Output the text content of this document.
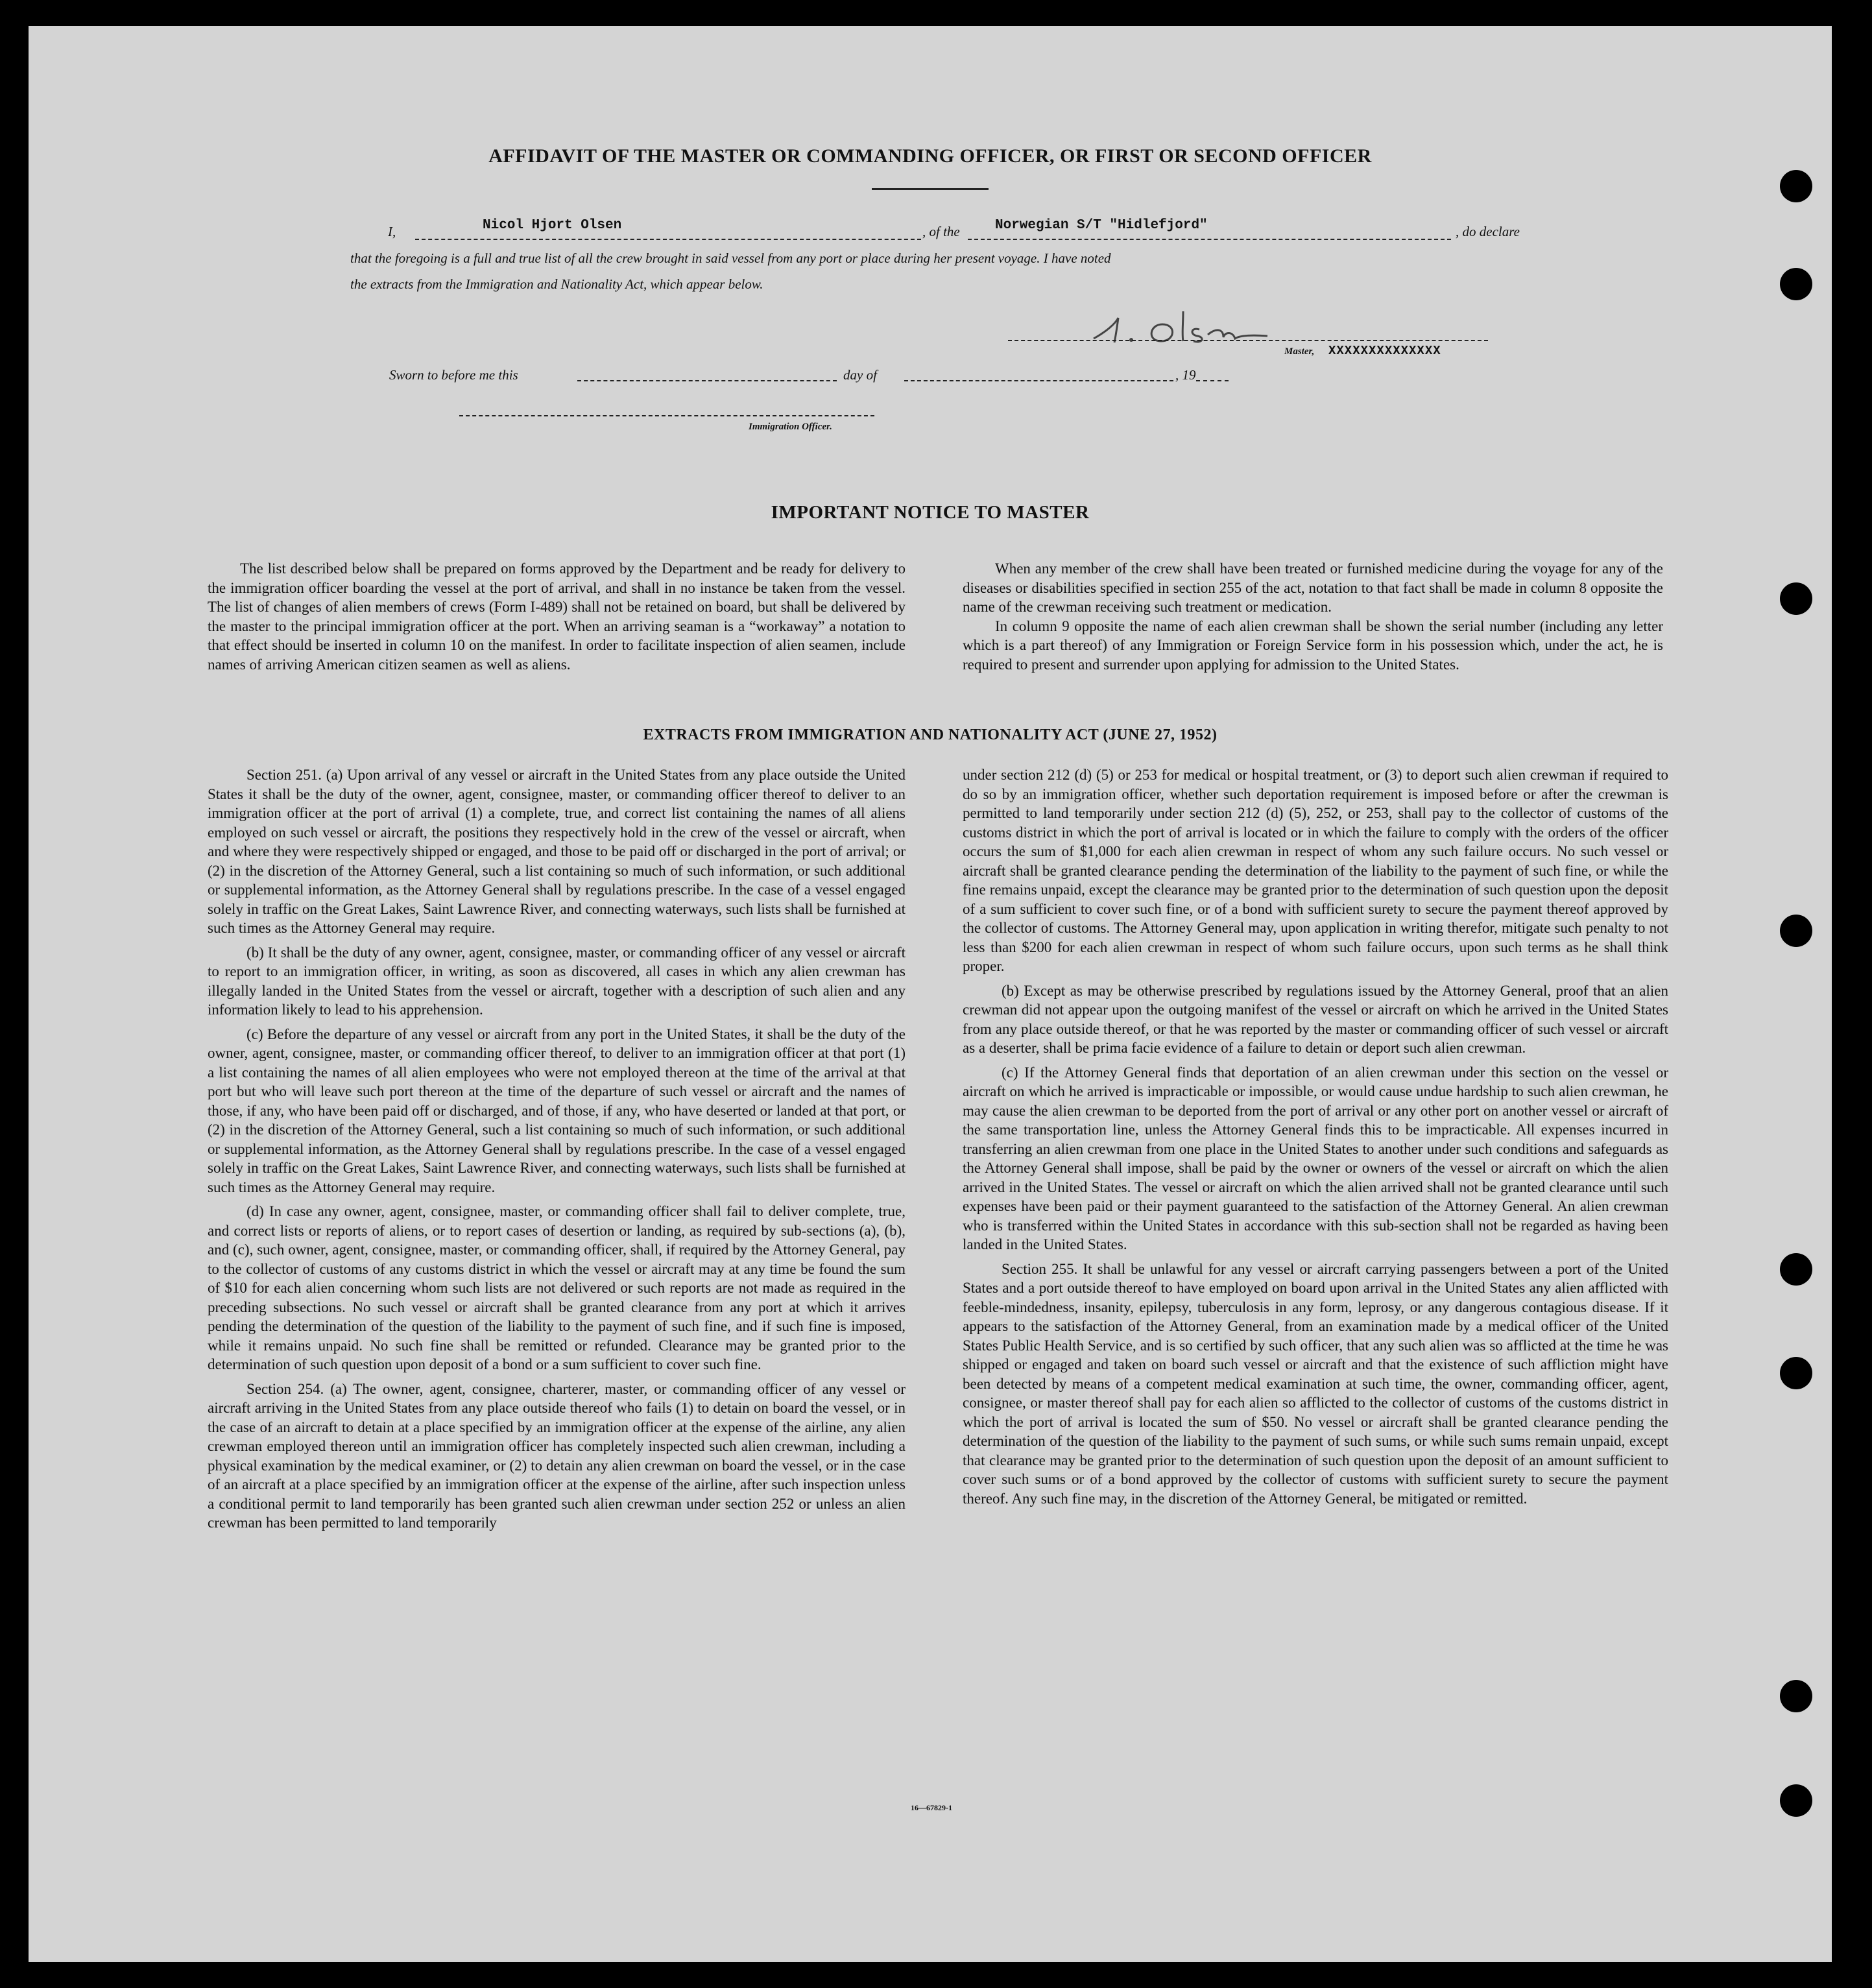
AFFIDAVIT OF THE MASTER OR COMMANDING OFFICER, OR FIRST OR SECOND OFFICER
I,	Nicol Hjort Olsen	, of the	Norwegian S/T "Hidlefjord"	, do declare
that the foregoing is a full and true list of all the crew brought in said vessel from any port or place during her present voyage. I have noted
the extracts from the Immigration and Nationality Act, which appear below.
Master, XXXXXXXXXXXXXX
Sworn to before me this	day of	, 19
Immigration Officer.
IMPORTANT NOTICE TO MASTER

The list described below shall be prepared on forms approved by the Department and be ready for delivery to the immigration officer boarding the vessel at the port of arrival, and shall in no instance be taken from the vessel. The list of changes of alien members of crews (Form I-489) shall not be retained on board, but shall be delivered by the master to the principal immigration officer at the port. When an arriving seaman is a “workaway” a notation to that effect should be inserted in column 10 on the manifest. In order to facilitate inspection of alien seamen, include names of arriving American citizen seamen as well as aliens.

When any member of the crew shall have been treated or furnished medicine during the voyage for any of the diseases or disabilities specified in section 255 of the act, notation to that fact shall be made in column 8 opposite the name of the crewman receiving such treatment or medication.

In column 9 opposite the name of each alien crewman shall be shown the serial number (including any letter which is a part thereof) of any Immigration or Foreign Service form in his possession which, under the act, he is required to present and surrender upon applying for admission to the United States.

EXTRACTS FROM IMMIGRATION AND NATIONALITY ACT (JUNE 27, 1952)

Section 251. (a) Upon arrival of any vessel or aircraft in the United States from any place outside the United States it shall be the duty of the owner, agent, consignee, master, or commanding officer thereof to deliver to an immigration officer at the port of arrival (1) a complete, true, and correct list containing the names of all aliens employed on such vessel or aircraft, the positions they respectively hold in the crew of the vessel or aircraft, when and where they were respectively shipped or engaged, and those to be paid off or discharged in the port of arrival; or (2) in the discretion of the Attorney General, such a list containing so much of such information, or such additional or supplemental information, as the Attorney General shall by regulations prescribe. In the case of a vessel engaged solely in traffic on the Great Lakes, Saint Lawrence River, and connecting waterways, such lists shall be furnished at such times as the Attorney General may require.

(b) It shall be the duty of any owner, agent, consignee, master, or commanding officer of any vessel or aircraft to report to an immigration officer, in writing, as soon as discovered, all cases in which any alien crewman has illegally landed in the United States from the vessel or aircraft, together with a description of such alien and any information likely to lead to his apprehension.

(c) Before the departure of any vessel or aircraft from any port in the United States, it shall be the duty of the owner, agent, consignee, master, or commanding officer thereof, to deliver to an immigration officer at that port (1) a list containing the names of all alien employees who were not employed thereon at the time of the arrival at that port but who will leave such port thereon at the time of the departure of such vessel or aircraft and the names of those, if any, who have been paid off or discharged, and of those, if any, who have deserted or landed at that port, or (2) in the discretion of the Attorney General, such a list containing so much of such information, or such additional or supplemental information, as the Attorney General shall by regulations prescribe. In the case of a vessel engaged solely in traffic on the Great Lakes, Saint Lawrence River, and connecting waterways, such lists shall be furnished at such times as the Attorney General may require.

(d) In case any owner, agent, consignee, master, or commanding officer shall fail to deliver complete, true, and correct lists or reports of aliens, or to report cases of desertion or landing, as required by sub-sections (a), (b), and (c), such owner, agent, consignee, master, or commanding officer, shall, if required by the Attorney General, pay to the collector of customs of any customs district in which the vessel or aircraft may at any time be found the sum of $10 for each alien concerning whom such lists are not delivered or such reports are not made as required in the preceding subsections. No such vessel or aircraft shall be granted clearance from any port at which it arrives pending the determination of the question of the liability to the payment of such fine, and if such fine is imposed, while it remains unpaid. No such fine shall be remitted or refunded. Clearance may be granted prior to the determination of such question upon deposit of a bond or a sum sufficient to cover such fine.

Section 254. (a) The owner, agent, consignee, charterer, master, or commanding officer of any vessel or aircraft arriving in the United States from any place outside thereof who fails (1) to detain on board the vessel, or in the case of an aircraft to detain at a place specified by an immigration officer at the expense of the airline, any alien crewman employed thereon until an immigration officer has completely inspected such alien crewman, including a physical examination by the medical examiner, or (2) to detain any alien crewman on board the vessel, or in the case of an aircraft at a place specified by an immigration officer at the expense of the airline, after such inspection unless a conditional permit to land temporarily has been granted such alien crewman under section 252 or unless an alien crewman has been permitted to land temporarily

under section 212 (d) (5) or 253 for medical or hospital treatment, or (3) to deport such alien crewman if required to do so by an immigration officer, whether such deportation requirement is imposed before or after the crewman is permitted to land temporarily under section 212 (d) (5), 252, or 253, shall pay to the collector of customs of the customs district in which the port of arrival is located or in which the failure to comply with the orders of the officer occurs the sum of $1,000 for each alien crewman in respect of whom any such failure occurs. No such vessel or aircraft shall be granted clearance pending the determination of the liability to the payment of such fine, or while the fine remains unpaid, except the clearance may be granted prior to the determination of such question upon the deposit of a sum sufficient to cover such fine, or of a bond with sufficient surety to secure the payment thereof approved by the collector of customs. The Attorney General may, upon application in writing therefor, mitigate such penalty to not less than $200 for each alien crewman in respect of whom such failure occurs, upon such terms as he shall think proper.

(b) Except as may be otherwise prescribed by regulations issued by the Attorney General, proof that an alien crewman did not appear upon the outgoing manifest of the vessel or aircraft on which he arrived in the United States from any place outside thereof, or that he was reported by the master or commanding officer of such vessel or aircraft as a deserter, shall be prima facie evidence of a failure to detain or deport such alien crewman.

(c) If the Attorney General finds that deportation of an alien crewman under this section on the vessel or aircraft on which he arrived is impracticable or impossible, or would cause undue hardship to such alien crewman, he may cause the alien crewman to be deported from the port of arrival or any other port on another vessel or aircraft of the same transportation line, unless the Attorney General finds this to be impracticable. All expenses incurred in transferring an alien crewman from one place in the United States to another under such conditions and safeguards as the Attorney General shall impose, shall be paid by the owner or owners of the vessel or aircraft on which the alien arrived in the United States. The vessel or aircraft on which the alien arrived shall not be granted clearance until such expenses have been paid or their payment guaranteed to the satisfaction of the Attorney General. An alien crewman who is transferred within the United States in accordance with this sub-section shall not be regarded as having been landed in the United States.

Section 255. It shall be unlawful for any vessel or aircraft carrying passengers between a port of the United States and a port outside thereof to have employed on board upon arrival in the United States any alien afflicted with feeble-mindedness, insanity, epilepsy, tuberculosis in any form, leprosy, or any dangerous contagious disease. If it appears to the satisfaction of the Attorney General, from an examination made by a medical officer of the United States Public Health Service, and is so certified by such officer, that any such alien was so afflicted at the time he was shipped or engaged and taken on board such vessel or aircraft and that the existence of such affliction might have been detected by means of a competent medical examination at such time, the owner, commanding officer, agent, consignee, or master thereof shall pay for each alien so afflicted to the collector of customs of the customs district in which the port of arrival is located the sum of $50. No vessel or aircraft shall be granted clearance pending the determination of the question of the liability to the payment of such sums, or while such sums remain unpaid, except that clearance may be granted prior to the determination of such question upon the deposit of an amount sufficient to cover such sums or of a bond approved by the collector of customs with sufficient surety to secure the payment thereof. Any such fine may, in the discretion of the Attorney General, be mitigated or remitted.

16—67829-1
